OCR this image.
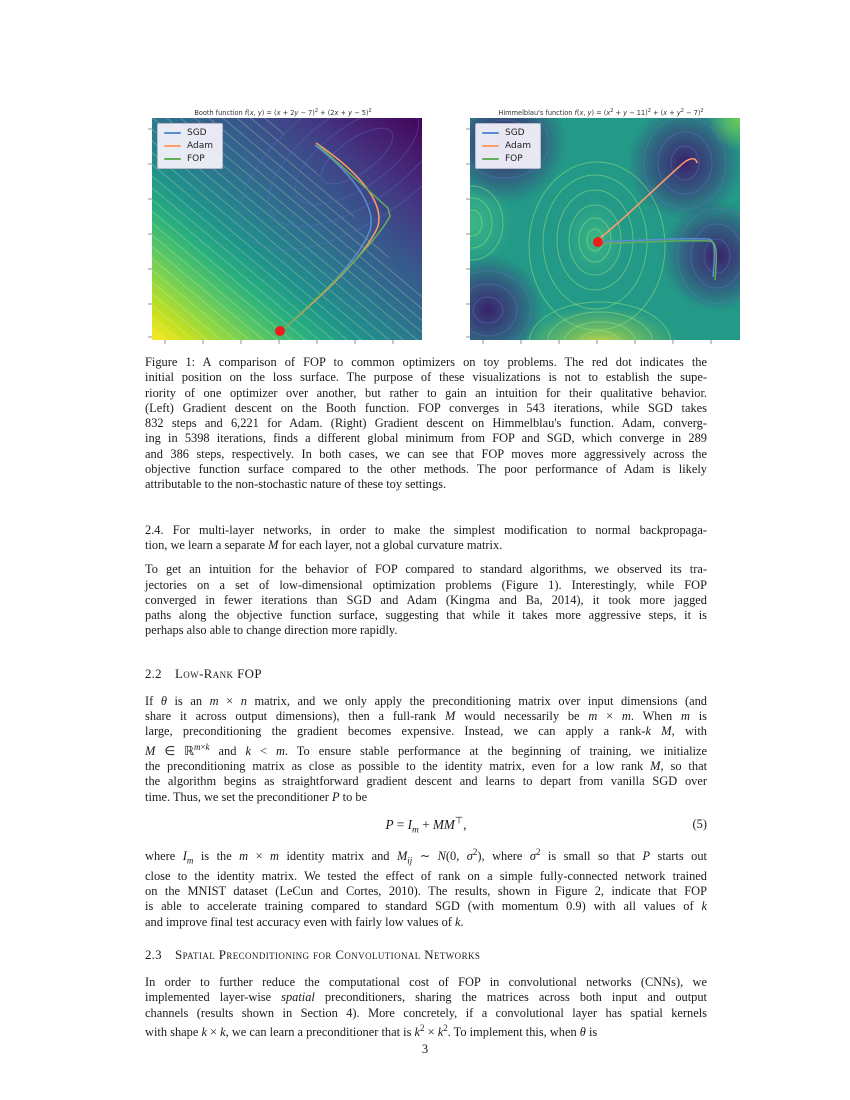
Booth function f(x, $y) = (x + 2y - 7)^2 + (2x + y - 5)^2$
SGD
Adam
FOP
Himmelblau's function f(x, $y) = (x^2 + y - 11)^2 + (x + y^2 - 7)^2$
SGD
Adam
FOP
Figure 1: A comparison of FOP to common optimizers on toy problems. The red dot indicates the
initial position on the loss surface. The purpose of these visualizations is not to establish the supe-
riority of one optimizer over another, but rather to gain an intuition for their qualitative behavior.
(Left) Gradient descent on the Booth function. FOP converges in 543 iterations, while SGD takes
832 steps and 6,221 for Adam. (Right) Gradient descent on Himmelblau's function. Adam, converg-
ing in 5398 iterations, finds a different global minimum from FOP and SGD, which converge in 289
and 386 steps, respectively. In both cases, we can see that FOP moves more aggressively across the
objective function surface compared to the other methods. The poor performance of Adam is likely
attributable to the non-stochastic nature of these toy settings.
2.4. For multi-layer networks, in order to make the simplest modification to normal backpropaga-
tion, we learn a separate M for each layer, not a global curvature matrix.
To get an intuition for the behavior of FOP compared to standard algorithms, we observed its tra-
jectories on a set of low-dimensional optimization problems (Figure 1). Interestingly, while FOP
converged in fewer iterations than SGD and Adam (Kingma and Ba, 2014), it took more jagged
paths along the objective function surface, suggesting that while it takes more aggressive steps, it is
perhaps also able to change direction more rapidly.
2.2 Low-Rank FOP
If θ is an m × n matrix, and we only apply the preconditioning matrix over input dimensions (and
share it across output dimensions), then a full-rank M would necessarily be m × m. When m is
large, preconditioning the gradient becomes expensive. Instead, we can apply a rank-k M, with
M ∈ ℝ$^{m\times k}$ and k < m. To ensure stable performance at the beginning of training, we initialize
the preconditioning matrix as close as possible to the identity matrix, even for a low rank M, so that
the algorithm begins as straightforward gradient descent and learns to depart from vanilla SGD over
time. Thus, we set the preconditioner P to be
$P = I_m + MM^⊤$,	(5)
where $I_m$ is the m × m identity matrix and $M_{ij}$ ∼ N(0, $\sigma^2$), where $\sigma^2$ is small so that P starts out
close to the identity matrix. We tested the effect of rank on a simple fully-connected network trained
on the MNIST dataset (LeCun and Cortes, 2010). The results, shown in Figure 2, indicate that FOP
is able to accelerate training compared to standard SGD (with momentum 0.9) with all values of k
and improve final test accuracy even with fairly low values of k.
2.3 Spatial Preconditioning for Convolutional Networks
In order to further reduce the computational cost of FOP in convolutional networks (CNNs), we
implemented layer-wise spatial preconditioners, sharing the matrices across both input and output
channels (results shown in Section 4). More concretely, if a convolutional layer has spatial kernels
with shape k × k, we can learn a preconditioner that is $k^2 \times k^2$. To implement this, when θ is
3
